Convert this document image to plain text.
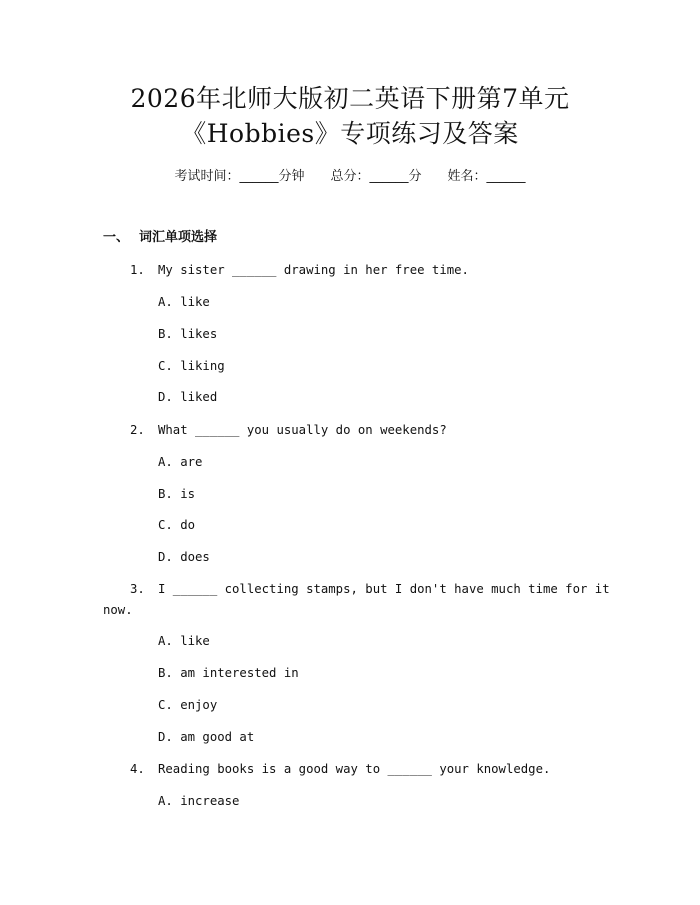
2026年北师大版初二英语下册第7单元
《Hobbies》专项练习及答案
考试时间：______分钟 总分：______分 姓名：______
一、 词汇单项选择
1. My sister ______ drawing in her free time.
A. like
B. likes
C. liking
D. liked
2. What ______ you usually do on weekends?
A. are
B. is
C. do
D. does
3. I ______ collecting stamps, but I don't have much time for it
now.
A. like
B. am interested in
C. enjoy
D. am good at
4. Reading books is a good way to ______ your knowledge.
A. increase
